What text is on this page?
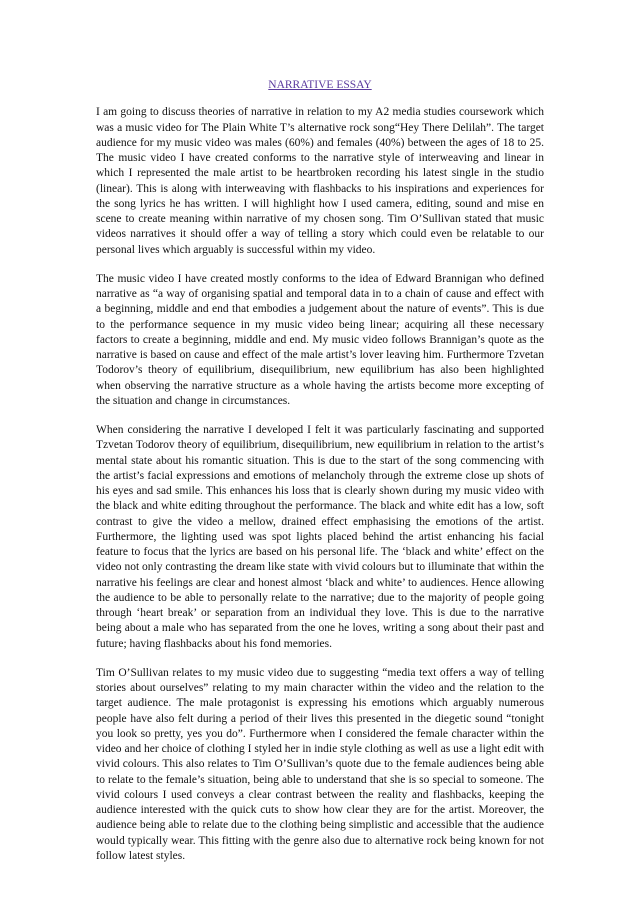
NARRATIVE ESSAY

I am going to discuss theories of narrative in relation to my A2 media studies coursework which was a music video for The Plain White T’s alternative rock song“Hey There Delilah”. The target audience for my music video was males (60%) and females (40%) between the ages of 18 to 25. The music video I have created conforms to the narrative style of interweaving and linear in which I represented the male artist to be heartbroken recording his latest single in the studio (linear). This is along with interweaving with flashbacks to his inspirations and experiences for the song lyrics he has written. I will highlight how I used camera, editing, sound and mise en scene to create meaning within narrative of my chosen song. Tim O’Sullivan stated that music videos narratives it should offer a way of telling a story which could even be relatable to our personal lives which arguably is successful within my video.

The music video I have created mostly conforms to the idea of Edward Brannigan who defined narrative as “a way of organising spatial and temporal data in to a chain of cause and effect with a beginning, middle and end that embodies a judgement about the nature of events”. This is due to the performance sequence in my music video being linear; acquiring all these necessary factors to create a beginning, middle and end. My music video follows Brannigan’s quote as the narrative is based on cause and effect of the male artist’s lover leaving him. Furthermore Tzvetan Todorov’s theory of equilibrium, disequilibrium, new equilibrium has also been highlighted when observing the narrative structure as a whole having the artists become more excepting of the situation and change in circumstances.

When considering the narrative I developed I felt it was particularly fascinating and supported Tzvetan Todorov theory of equilibrium, disequilibrium, new equilibrium in relation to the artist’s mental state about his romantic situation. This is due to the start of the song commencing with the artist’s facial expressions and emotions of melancholy through the extreme close up shots of his eyes and sad smile. This enhances his loss that is clearly shown during my music video with the black and white editing throughout the performance. The black and white edit has a low, soft contrast to give the video a mellow, drained effect emphasising the emotions of the artist. Furthermore, the lighting used was spot lights placed behind the artist enhancing his facial feature to focus that the lyrics are based on his personal life. The ‘black and white’ effect on the video not only contrasting the dream like state with vivid colours but to illuminate that within the narrative his feelings are clear and honest almost ‘black and white’ to audiences. Hence allowing the audience to be able to personally relate to the narrative; due to the majority of people going through ‘heart break’ or separation from an individual they love. This is due to the narrative being about a male who has separated from the one he loves, writing a song about their past and future; having flashbacks about his fond memories.

Tim O’Sullivan relates to my music video due to suggesting “media text offers a way of telling stories about ourselves” relating to my main character within the video and the relation to the target audience. The male protagonist is expressing his emotions which arguably numerous people have also felt during a period of their lives this presented in the diegetic sound “tonight you look so pretty, yes you do”. Furthermore when I considered the female character within the video and her choice of clothing I styled her in indie style clothing as well as use a light edit with vivid colours. This also relates to Tim O’Sullivan’s quote due to the female audiences being able to relate to the female’s situation, being able to understand that she is so special to someone. The vivid colours I used conveys a clear contrast between the reality and flashbacks, keeping the audience interested with the quick cuts to show how clear they are for the artist. Moreover, the audience being able to relate due to the clothing being simplistic and accessible that the audience would typically wear. This fitting with the genre also due to alternative rock being known for not follow latest styles.
